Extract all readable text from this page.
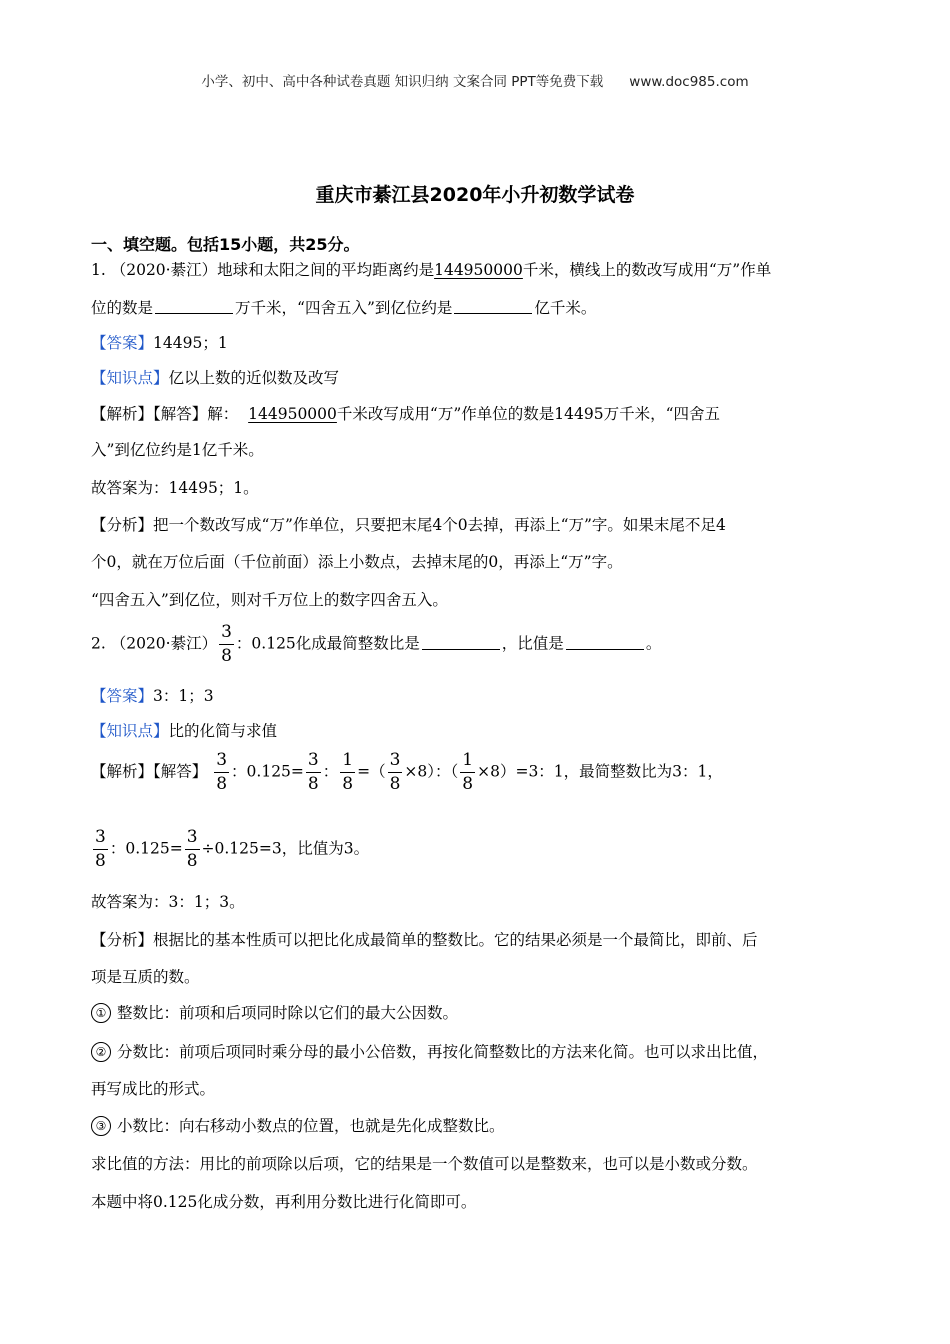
小学、初中、高中各种试卷真题 知识归纳 文案合同 PPT等免费下载 www.doc985.com
重庆市綦江县2020年小升初数学试卷
一、填空题。包括15小题，共25分。
1. （2020·綦江）地球和太阳之间的平均距离约是144950000千米，横线上的数改写成用“万”作单
位的数是	万千米，“四舍五入”到亿位约是	亿千米。
【答案】14495；1
【知识点】亿以上数的近似数及改写
【解析】【解答】解： 144950000千米改写成用“万”作单位的数是14495万千米，“四舍五
入”到亿位约是1亿千米。
故答案为：14495；1。
【分析】把一个数改写成“万”作单位，只要把末尾4个0去掉，再添上“万”字。如果末尾不足4
个0，就在万位后面（千位前面）添上小数点，去掉末尾的0，再添上“万”字。
“四舍五入”到亿位，则对千万位上的数字四舍五入。
2. （2020·綦江） $\frac{3}{8}$ ：0.125化成最简整数比是	，比值是	。
【答案】3：1；3
【知识点】比的化简与求值
【解析】【解答】 $\frac{3}{8}$ ：$0.125= \frac{3}{8}$ ： $\frac{1}{8}$ =（ $\frac{3}{8} \times 8$）：（ $\frac{1}{8} \times 8)=3$：1，最简整数比为3：1，
$\frac{3}{8}$ ：$0.125= \frac{3}{8} \div 0.125=3$，比值为3。
故答案为：3：1；3。
【分析】根据比的基本性质可以把比化成最简单的整数比。它的结果必须是一个最简比，即前、后
项是互质的数。
① 整数比：前项和后项同时除以它们的最大公因数。
② 分数比：前项后项同时乘分母的最小公倍数，再按化简整数比的方法来化简。也可以求出比值，
再写成比的形式。
③ 小数比：向右移动小数点的位置，也就是先化成整数比。
求比值的方法：用比的前项除以后项，它的结果是一个数值可以是整数来，也可以是小数或分数。
本题中将0.125化成分数，再利用分数比进行化简即可。
